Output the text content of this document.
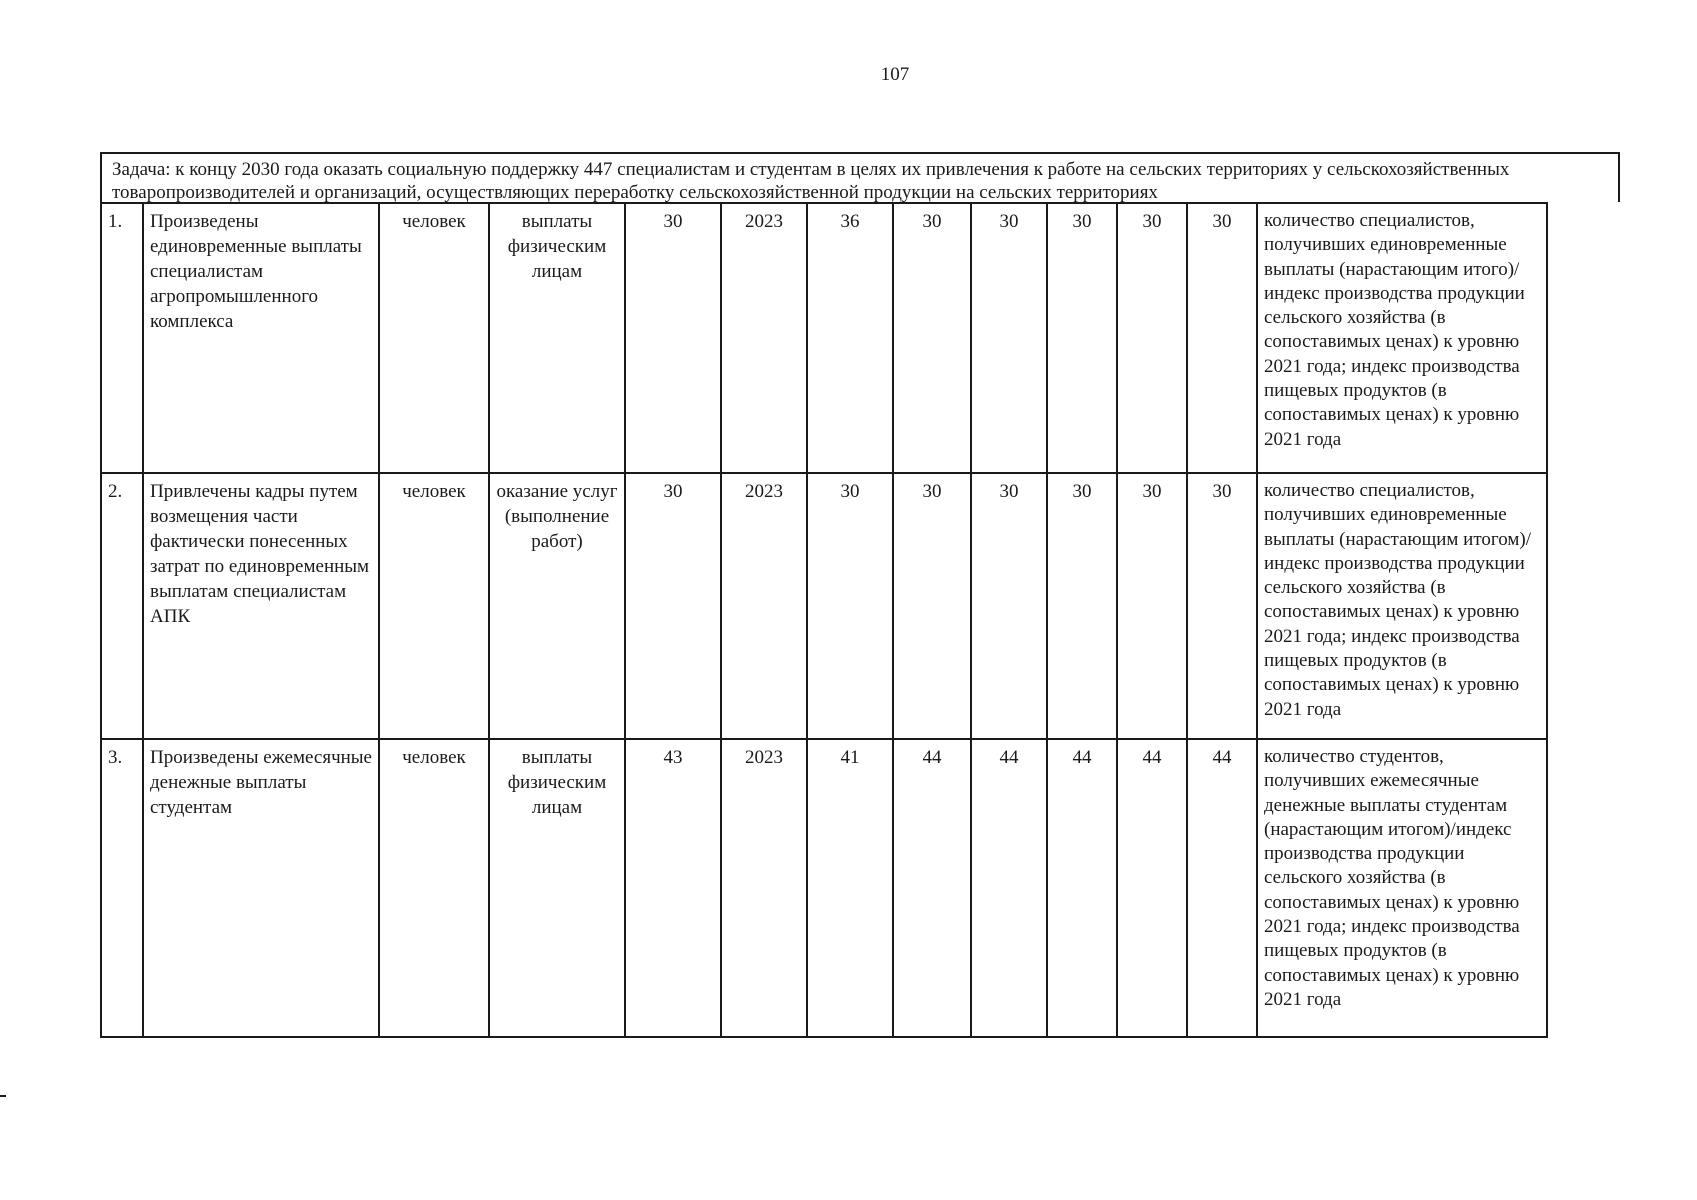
107
Задача: к концу 2030 года оказать социальную поддержку 447 специалистам и студентам в целях их привлечения к работе на сельских территориях у сельскохозяйственных товаропроизводителей и организаций, осуществляющих переработку сельскохозяйственной продукции на сельских территориях
1.	Произведены единовременные выплаты специалистам агропромышленного комплекса	человек	выплаты физическим лицам	30	2023	36	30	30	30	30	30	количество специалистов, получивших единовременные выплаты (нарастающим итого)/индекс производства продукции сельского хозяйства (в сопоставимых ценах) к уровню 2021 года; индекс производства пищевых продуктов (в сопоставимых ценах) к уровню 2021 года
2.	Привлечены кадры путем возмещения части фактически понесенных затрат по единовременным выплатам специалистам АПК	человек	оказание услуг (выполнение работ)	30	2023	30	30	30	30	30	30	количество специалистов, получивших единовременные выплаты (нарастающим итогом)/индекс производства продукции сельского хозяйства (в сопоставимых ценах) к уровню 2021 года; индекс производства пищевых продуктов (в сопоставимых ценах) к уровню 2021 года
3.	Произведены ежемесячные денежные выплаты студентам	человек	выплаты физическим лицам	43	2023	41	44	44	44	44	44	количество студентов, получивших ежемесячные денежные выплаты студентам (нарастающим итогом)/индекс производства продукции сельского хозяйства (в сопоставимых ценах) к уровню 2021 года; индекс производства пищевых продуктов (в сопоставимых ценах) к уровню 2021 года
